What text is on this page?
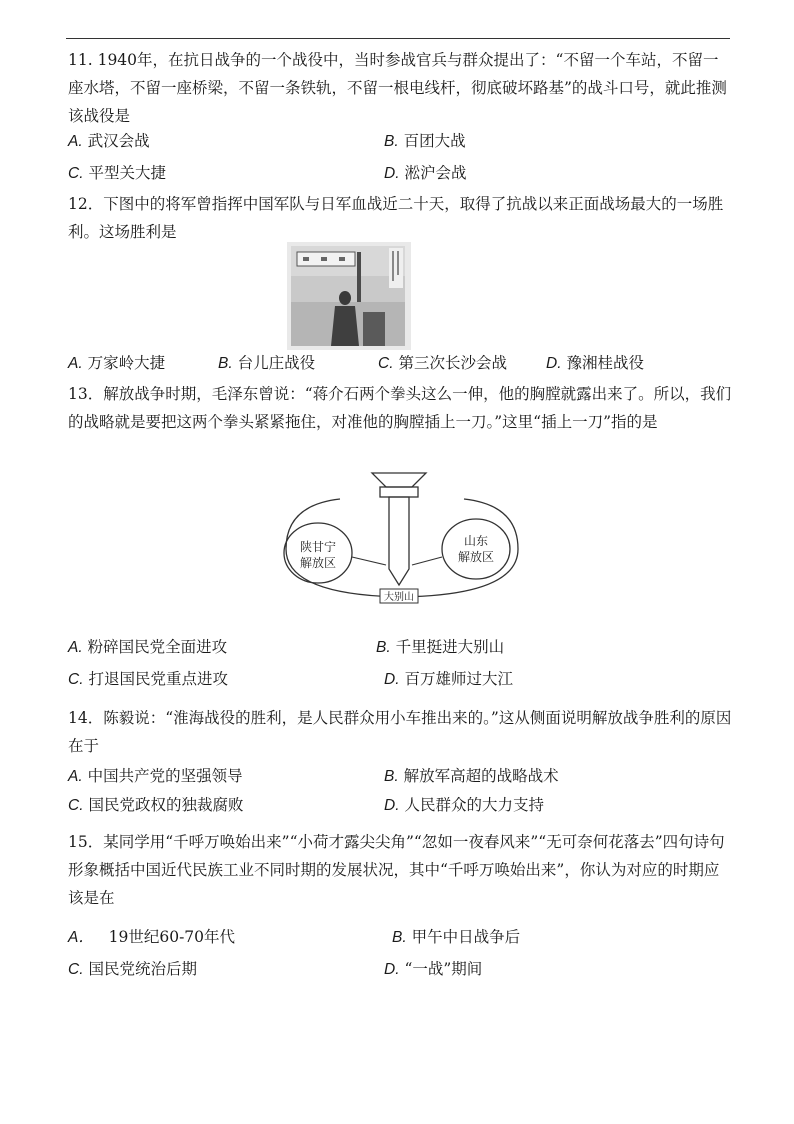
11. 1940年，在抗日战争的一个战役中，当时参战官兵与群众提出了：“不留一个车站，不留一座水塔，不留一座桥梁，不留一条铁轨，不留一根电线杆，彻底破坏路基”的战斗口号，就此推测该战役是
A. 武汉会战	B. 百团大战
C. 平型关大捷	D. 淞沪会战
12．下图中的将军曾指挥中国军队与日军血战近二十天，取得了抗战以来正面战场最大的一场胜利。这场胜利是
A. 万家岭大捷	B. 台儿庄战役	C. 第三次长沙会战	D. 豫湘桂战役
13．解放战争时期，毛泽东曾说：“蒋介石两个拳头这么一伸，他的胸膛就露出来了。所以，我们的战略就是要把这两个拳头紧紧拖住，对准他的胸膛插上一刀。”这里“插上一刀”指的是
陕甘宁
解放区
山东
解放区
大别山
A. 粉碎国民党全面进攻	B. 千里挺进大别山
C. 打退国民党重点进攻	D. 百万雄师过大江
14．陈毅说：“淮海战役的胜利，是人民群众用小车推出来的。”这从侧面说明解放战争胜利的原因在于
A. 中国共产党的坚强领导	B. 解放军高超的战略战术
C. 国民党政权的独裁腐败	D. 人民群众的大力支持
15．某同学用“千呼万唤始出来”“小荷才露尖尖角”“忽如一夜春风来”“无可奈何花落去”四句诗句形象概括中国近代民族工业不同时期的发展状况，其中“千呼万唤始出来”，你认为对应的时期应该是在
A． 19世纪60-70年代	B. 甲午中日战争后
C. 国民党统治后期	D. “一战”期间
